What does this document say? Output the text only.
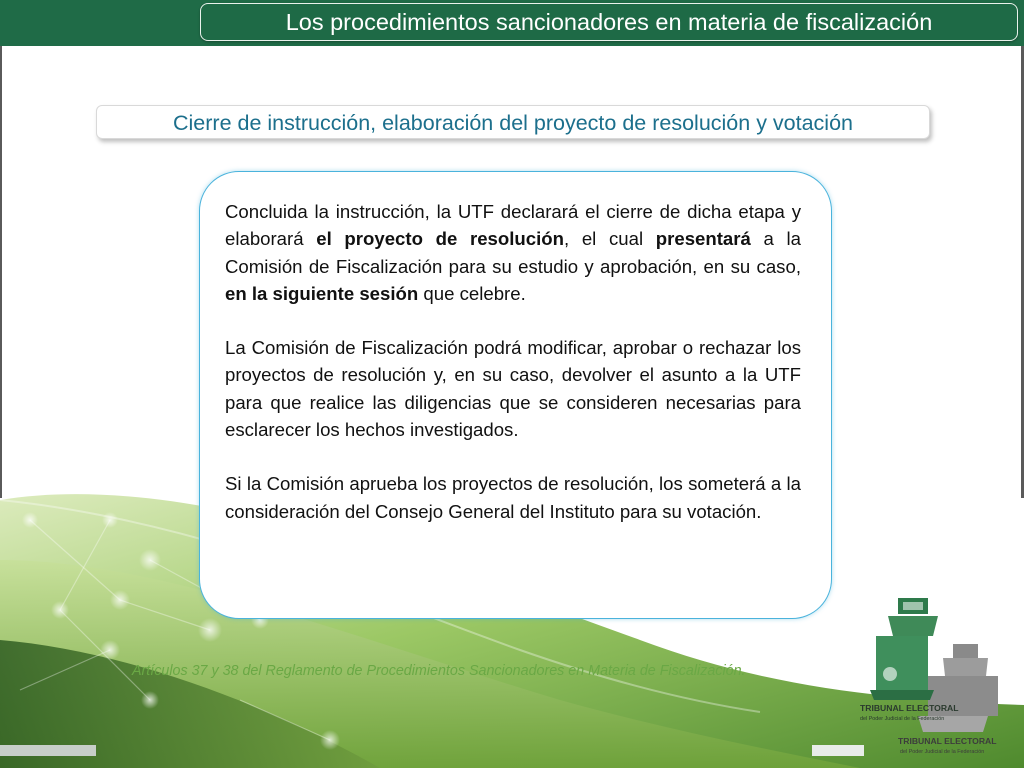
Los procedimientos sancionadores en materia de fiscalización
Cierre de instrucción, elaboración del proyecto de resolución y votación

Concluida la instrucción, la UTF declarará el cierre de dicha etapa y elaborará el proyecto de resolución, el cual presentará a la Comisión de Fiscalización para su estudio y aprobación, en su caso, en la siguiente sesión que celebre.

La Comisión de Fiscalización podrá modificar, aprobar o rechazar los proyectos de resolución y, en su caso, devolver el asunto a la UTF para que realice las diligencias que se consideren necesarias para esclarecer los hechos investigados.

Si la Comisión aprueba los proyectos de resolución, los someterá a la consideración del Consejo General del Instituto para su votación.

Artículos 37 y 38 del Reglamento de Procedimientos Sancionadores en Materia de Fiscalización.
TRIBUNAL ELECTORAL
del Poder Judicial de la Federación
TRIBUNAL ELECTORAL
del Poder Judicial de la Federación
